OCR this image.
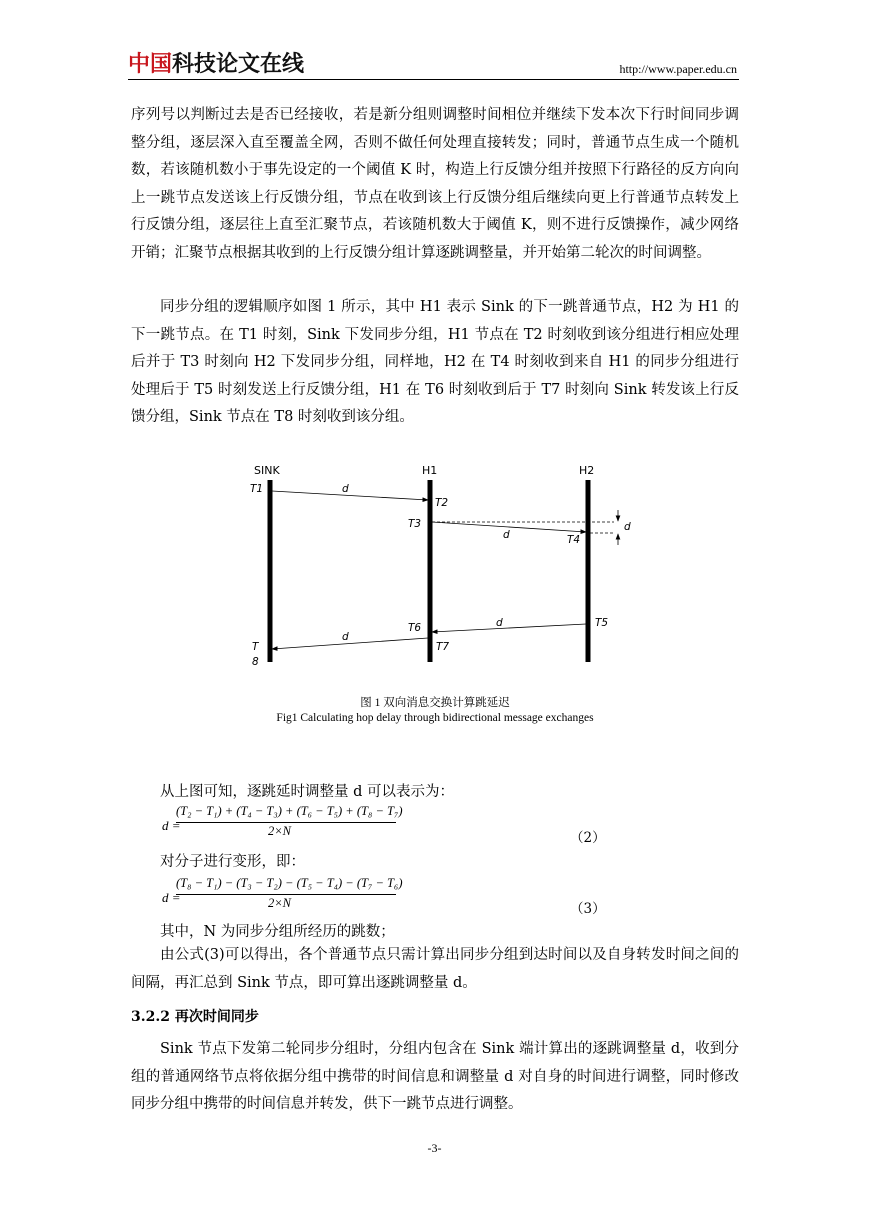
中国科技论文在线	http://www.paper.edu.cn

序列号以判断过去是否已经接收，若是新分组则调整时间相位并继续下发本次下行时间同步调整分组，逐层深入直至覆盖全网，否则不做任何处理直接转发；同时，普通节点生成一个随机数，若该随机数小于事先设定的一个阈值 K 时，构造上行反馈分组并按照下行路径的反方向向上一跳节点发送该上行反馈分组，节点在收到该上行反馈分组后继续向更上行普通节点转发上行反馈分组，逐层往上直至汇聚节点，若该随机数大于阈值 K，则不进行反馈操作，减少网络开销；汇聚节点根据其收到的上行反馈分组计算逐跳调整量，并开始第二轮次的时间调整。

同步分组的逻辑顺序如图 1 所示，其中 H1 表示 Sink 的下一跳普通节点，H2 为 H1 的下一跳节点。在 T1 时刻，Sink 下发同步分组，H1 节点在 T2 时刻收到该分组进行相应处理后并于 T3 时刻向 H2 下发同步分组，同样地，H2 在 T4 时刻收到来自 H1 的同步分组进行处理后于 T5 时刻发送上行反馈分组，H1 在 T6 时刻收到后于 T7 时刻向 Sink 转发该上行反馈分组，Sink 节点在 T8 时刻收到该分组。

SINK	H1	H2
T1
T2
T3
T4
T5
T6
T7
T
8
d
d
d
d
d
图 1 双向消息交换计算跳延迟
Fig1 Calculating hop delay through bidirectional message exchanges
从上图可知，逐跳延时调整量 d 可以表示为：
d =
(T₂ − T₁) + (T₄ − T₃) + (T₆ − T₅) + (T₈ − T₇)
2×N	（2）
对分子进行变形，即：
d =
(T₈ − T₁) − (T₃ − T₂) − (T₅ − T₄) − (T₇ − T₆)
2×N	（3）
其中，N 为同步分组所经历的跳数；

由公式(3)可以得出，各个普通节点只需计算出同步分组到达时间以及自身转发时间之间的间隔，再汇总到 Sink 节点，即可算出逐跳调整量 d。

3.2.2 再次时间同步

Sink 节点下发第二轮同步分组时，分组内包含在 Sink 端计算出的逐跳调整量 d，收到分组的普通网络节点将依据分组中携带的时间信息和调整量 d 对自身的时间进行调整，同时修改同步分组中携带的时间信息并转发，供下一跳节点进行调整。

-3-
